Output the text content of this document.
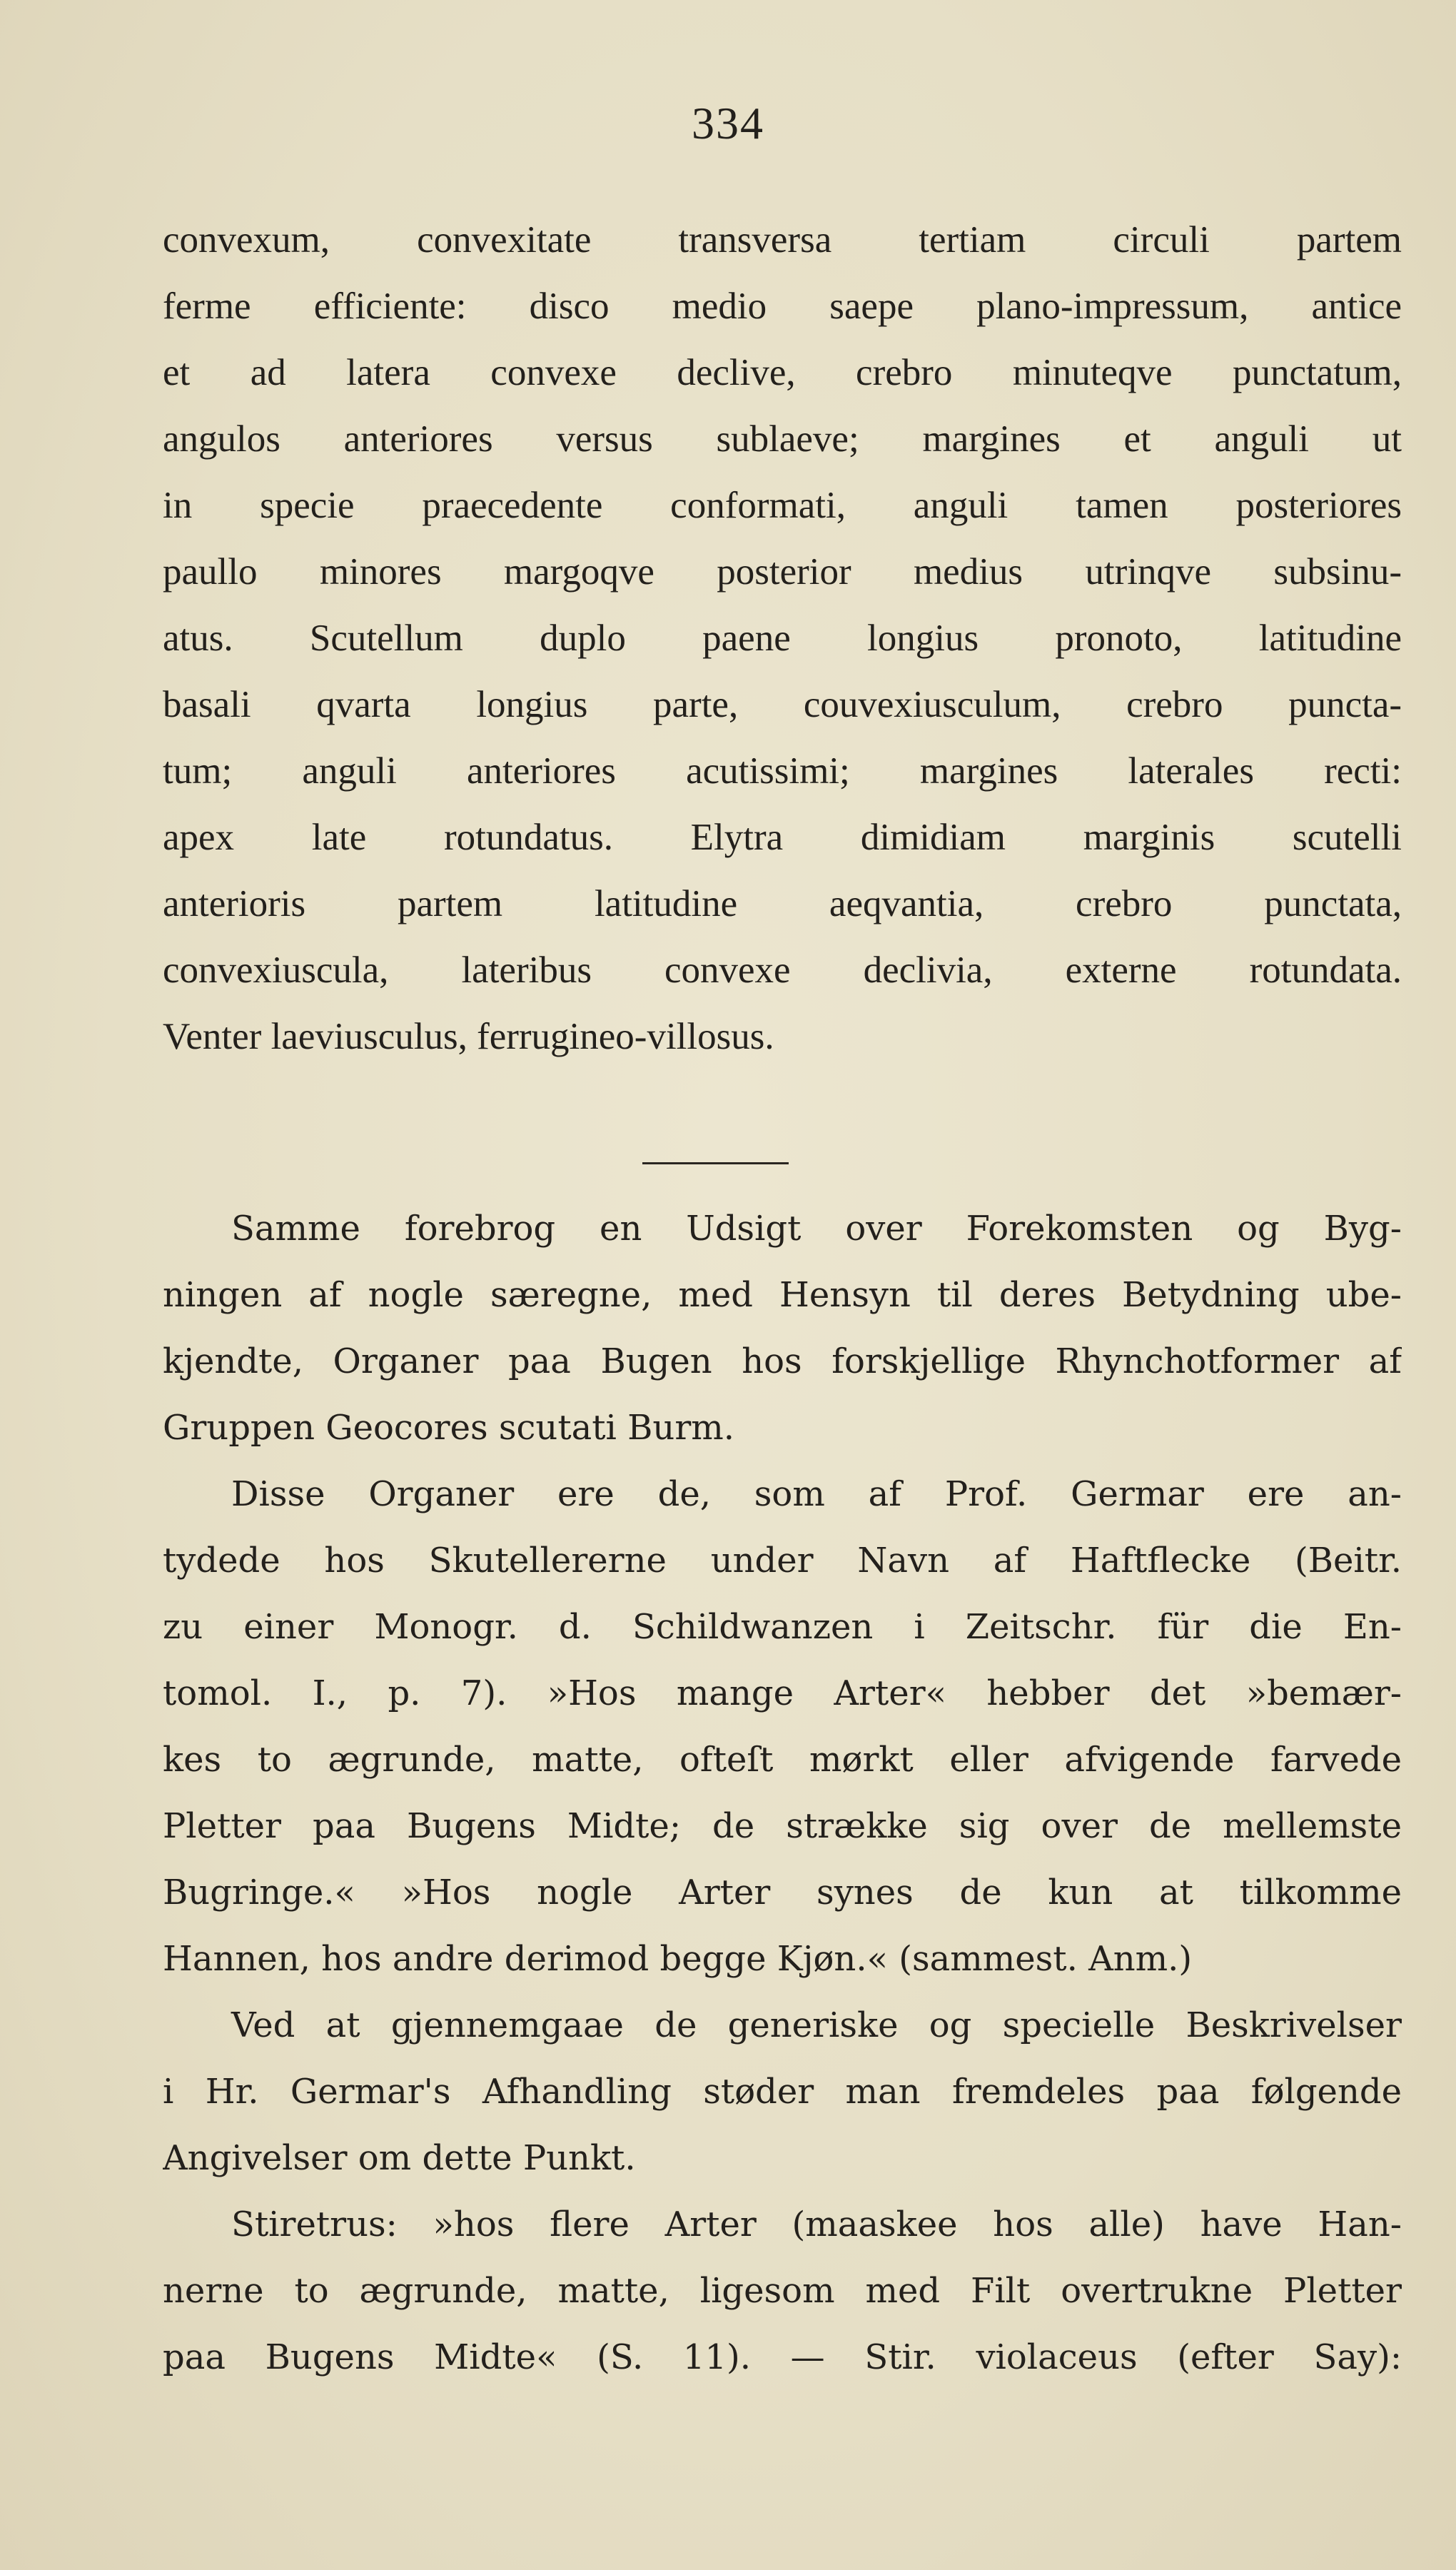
334
convexum, convexitate transversa tertiam circuli partem
ferme efficiente: disco medio saepe plano-impressum, antice
et ad latera convexe declive, crebro minuteqve punctatum,
angulos anteriores versus sublaeve; margines et anguli ut
in specie praecedente conformati, anguli tamen posteriores
paullo minores margoqve posterior medius utrinqve subsinu-
atus. Scutellum duplo paene longius pronoto, latitudine
basali qvarta longius parte, couvexiusculum, crebro puncta-
tum; anguli anteriores acutissimi; margines laterales recti:
apex late rotundatus. Elytra dimidiam marginis scutelli
anterioris partem latitudine aeqvantia, crebro punctata,
convexiuscula, lateribus convexe declivia, externe rotundata.
Venter laeviusculus, ferrugineo-villosus.
Samme forebrog en Udsigt over Forekomsten og Byg-
ningen af nogle særegne, med Hensyn til deres Betydning ube-
kjendte, Organer paa Bugen hos forskjellige Rhynchotformer af
Gruppen Geocores scutati Burm.
Disse Organer ere de, som af Prof. Germar ere an-
tydede hos Skutellererne under Navn af Haftflecke (Beitr.
zu einer Monogr. d. Schildwanzen i Zeitschr. für die En-
tomol. I., p. 7). »Hos mange Arter« hebber det »bemær-
kes to ægrunde, matte, ofteſt mørkt eller afvigende farvede
Pletter paa Bugens Midte; de strække sig over de mellemste
Bugringe.« »Hos nogle Arter synes de kun at tilkomme
Hannen, hos andre derimod begge Kjøn.« (sammest. Anm.)
Ved at gjennemgaae de generiske og specielle Beskrivelser
i Hr. Germar's Afhandling støder man fremdeles paa følgende
Angivelser om dette Punkt.
Stiretrus: »hos flere Arter (maaskee hos alle) have Han-
nerne to ægrunde, matte, ligesom med Filt overtrukne Pletter
paa Bugens Midte« (S. 11). — Stir. violaceus (efter Say):
